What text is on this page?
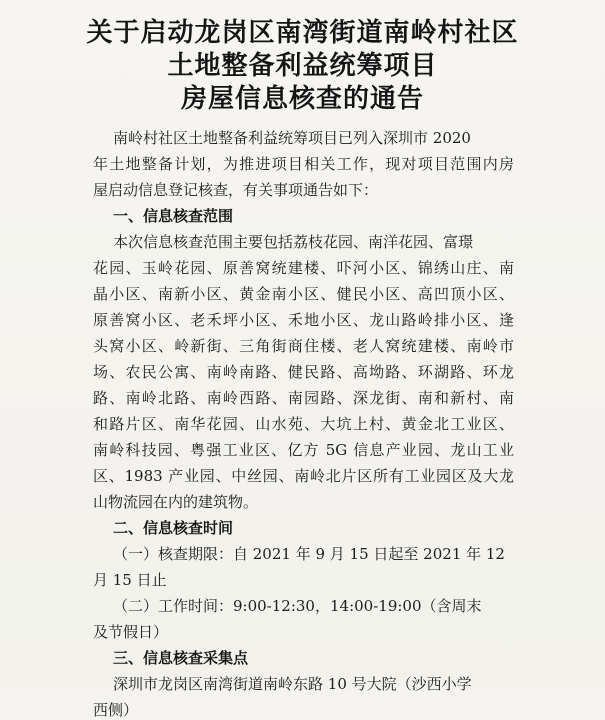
关于启动龙岗区南湾街道南岭村社区
土地整备利益统筹项目
房屋信息核查的通告
南岭村社区土地整备利益统筹项目已列入深圳市 2020
年土地整备计划，为推进项目相关工作，现对项目范围内房
屋启动信息登记核查，有关事项通告如下：
一、信息核查范围
本次信息核查范围主要包括荔枝花园、南洋花园、富璟
花园、玉岭花园、原善窝统建楼、吓河小区、锦绣山庄、南
晶小区、南新小区、黄金南小区、健民小区、高凹顶小区、
原善窝小区、老禾坪小区、禾地小区、龙山路岭排小区、逢
头窝小区、岭新街、三角街商住楼、老人窝统建楼、南岭市
场、农民公寓、南岭南路、健民路、高坳路、环湖路、环龙
路、南岭北路、南岭西路、南园路、深龙街、南和新村、南
和路片区、南华花园、山水苑、大坑上村、黄金北工业区、
南岭科技园、粤强工业区、亿方 5G 信息产业园、龙山工业
区、1983 产业园、中丝园、南岭北片区所有工业园区及大龙
山物流园在内的建筑物。
二、信息核查时间
（一）核查期限：自 2021 年 9 月 15 日起至 2021 年 12
月 15 日止
（二）工作时间：9:00-12:30，14:00-19:00（含周末
及节假日）
三、信息核查采集点
深圳市龙岗区南湾街道南岭东路 10 号大院（沙西小学
西侧）
